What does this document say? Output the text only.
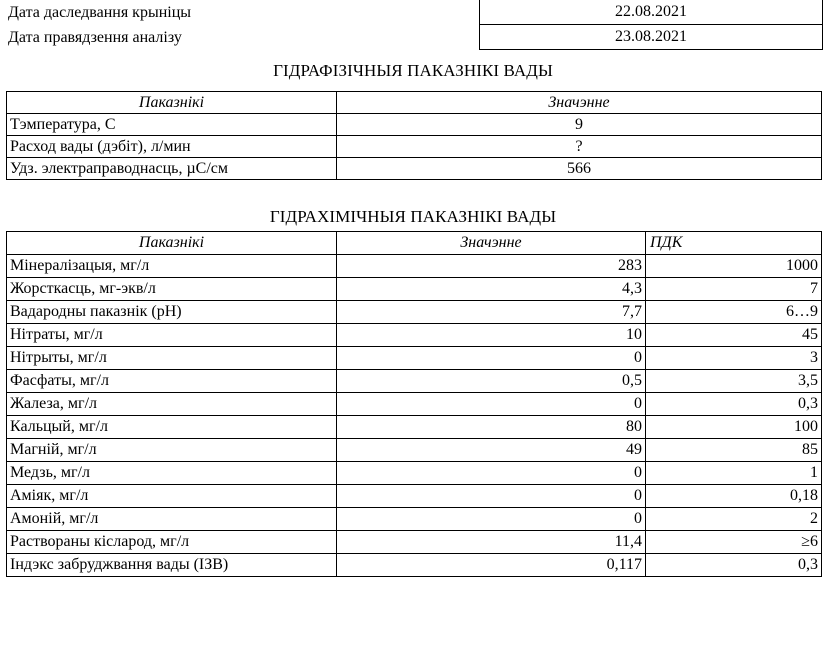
Дата даследвання крыніцы	22.08.2021
Дата правядзення аналізу	23.08.2021
ГІДРАФІЗІЧНЫЯ ПАКАЗНІКІ ВАДЫ
Паказнікі	Значэнне
Тэмпература, С	9
Расход вады (дэбіт), л/мин	?
Удз. электраправоднасць, µС/см	566
ГІДРАХІМІЧНЫЯ ПАКАЗНІКІ ВАДЫ
Паказнікі	Значэнне	ПДК
Мінералізацыя, мг/л	283	1000
Жорсткасць, мг-экв/л	4,3	7
Вадародны паказнік (pH)	7,7	6…9
Нітраты, мг/л	10	45
Нітрыты, мг/л	0	3
Фасфаты, мг/л	0,5	3,5
Жалеза, мг/л	0	0,3
Кальцый, мг/л	80	100
Магній, мг/л	49	85
Медзь, мг/л	0	1
Аміяк, мг/л	0	0,18
Амоній, мг/л	0	2
Раствораны кісларод, мг/л	11,4	≥6
Індэкс забруджвання вады (ІЗВ)	0,117	0,3
